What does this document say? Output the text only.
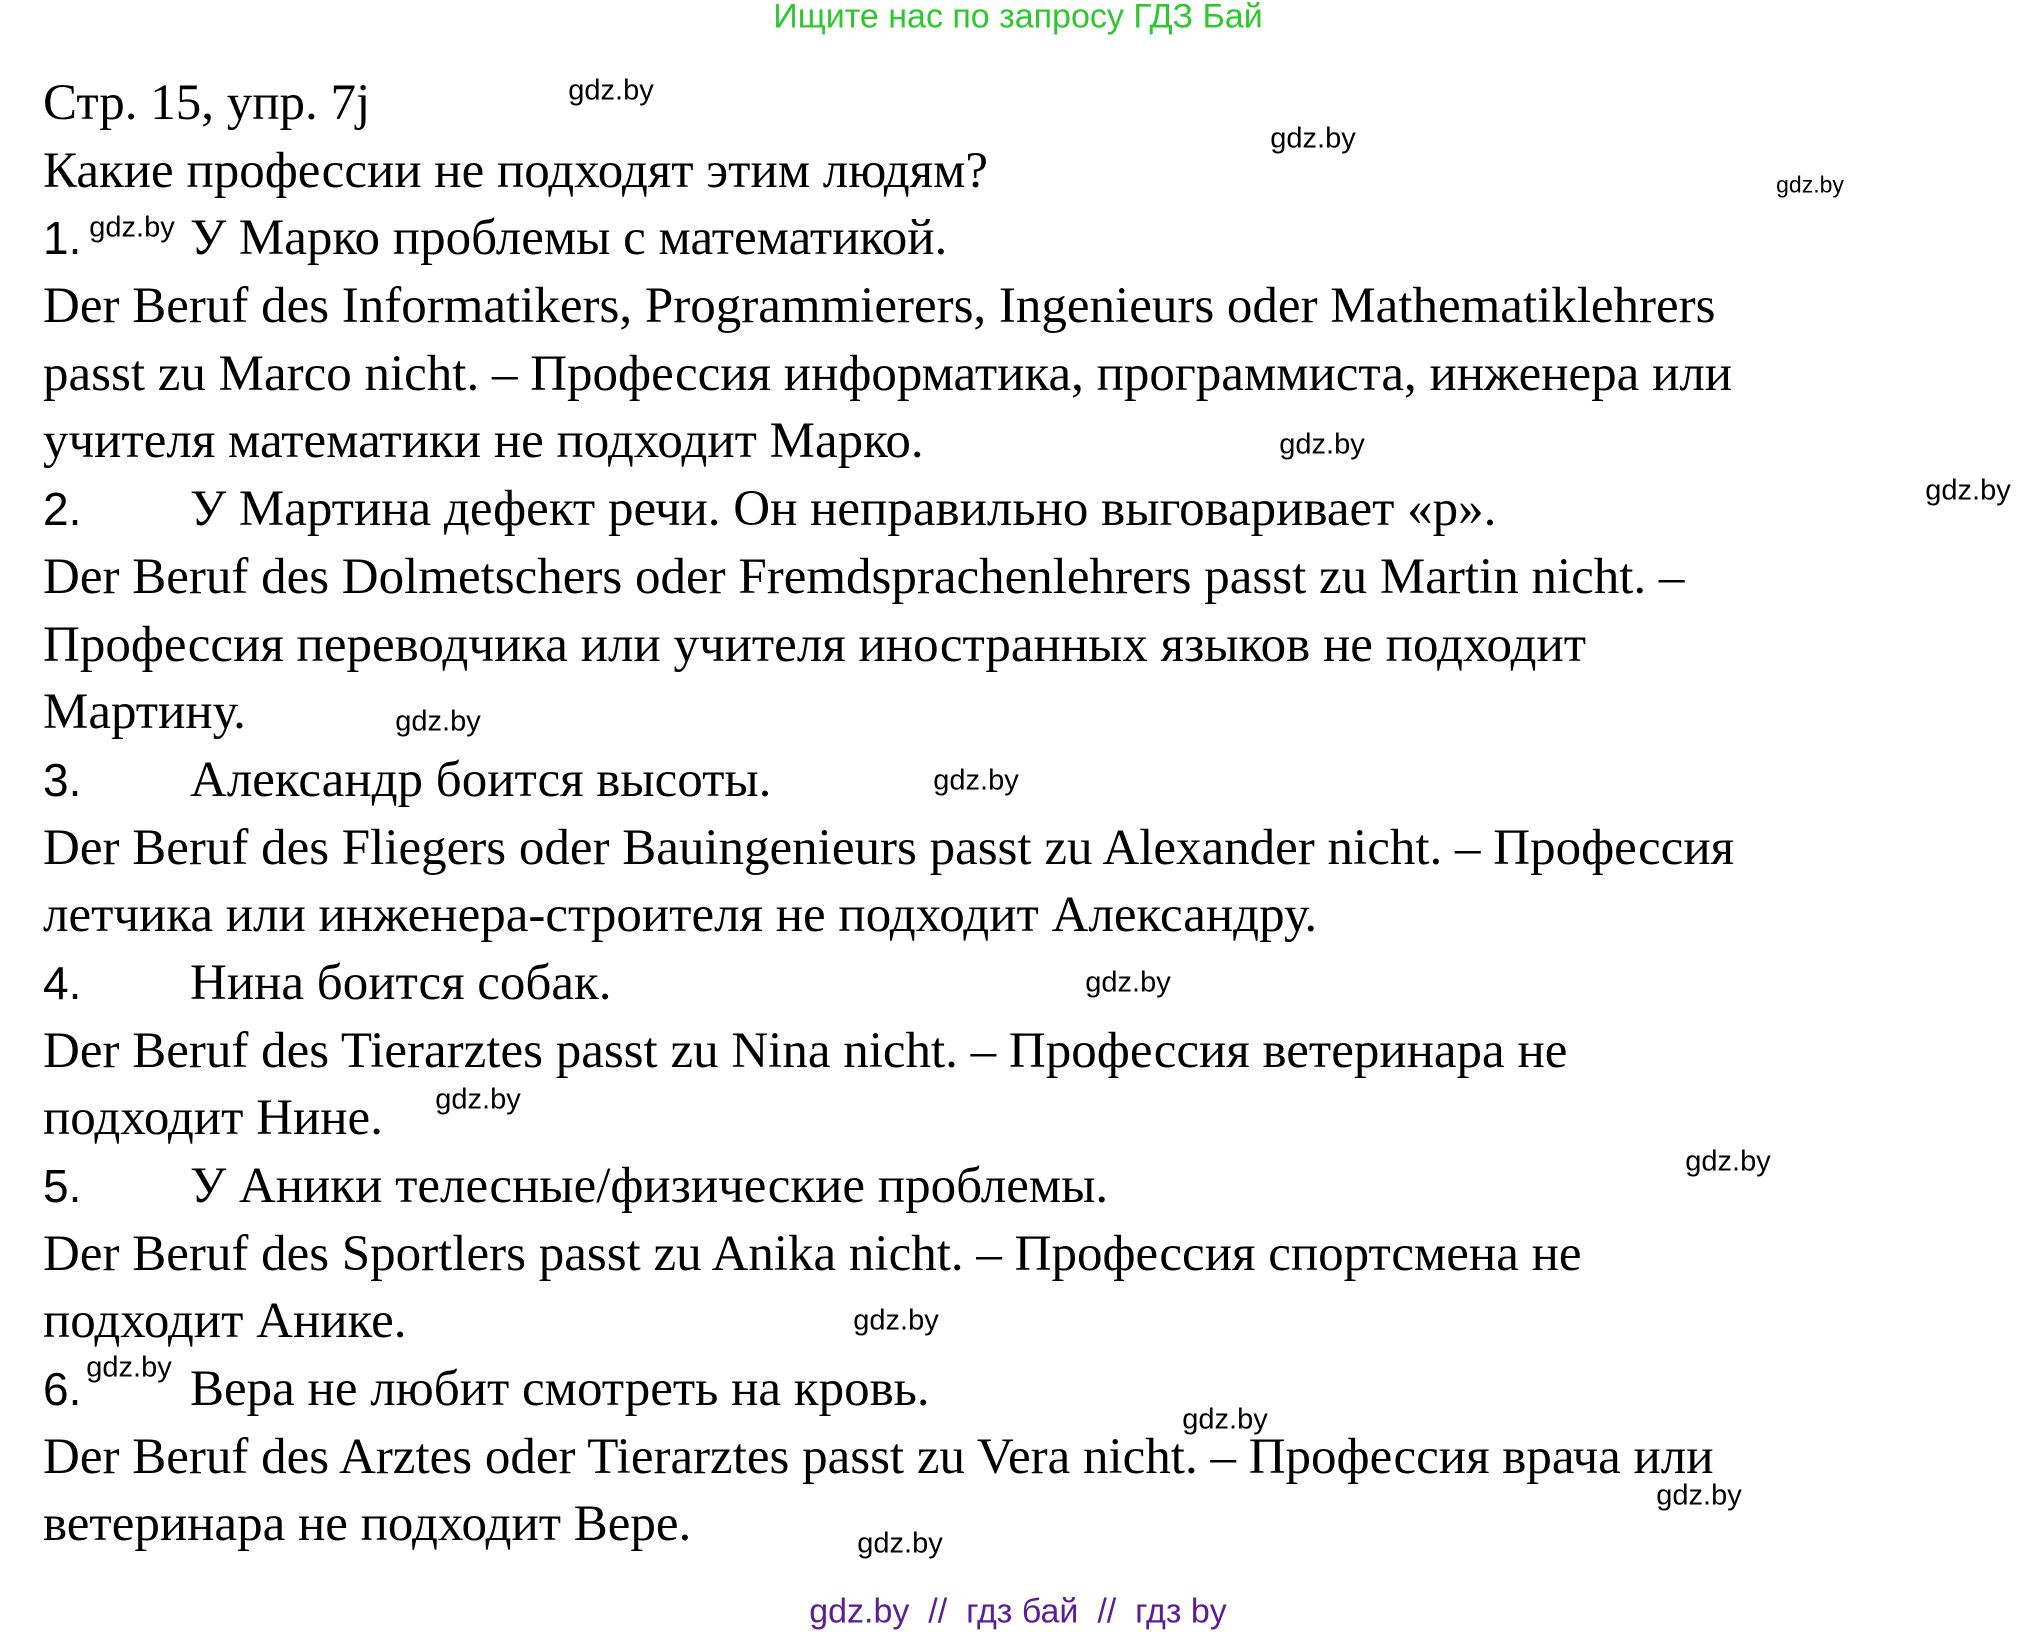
Ищите нас по запросу ГДЗ Бай
Стр. 15, упр. 7j
Какие профессии не подходят этим людям?
1. У Марко проблемы с математикой.
Der Beruf des Informatikers, Programmierers, Ingenieurs oder Mathematiklehrers
passt zu Marco nicht. – Профессия информатика, программиста, инженера или
учителя математики не подходит Марко.
2. У Мартина дефект речи. Он неправильно выговаривает «р».
Der Beruf des Dolmetschers oder Fremdsprachenlehrers passt zu Martin nicht. –
Профессия переводчика или учителя иностранных языков не подходит
Мартину.
3. Александр боится высоты.
Der Beruf des Fliegers oder Bauingenieurs passt zu Alexander nicht. – Профессия
летчика или инженера-строителя не подходит Александру.
4. Нина боится собак.
Der Beruf des Tierarztes passt zu Nina nicht. – Профессия ветеринара не
подходит Нине.
5. У Аники телесные/физические проблемы.
Der Beruf des Sportlers passt zu Anika nicht. – Профессия спортсмена не
подходит Анике.
6. Вера не любит смотреть на кровь.
Der Beruf des Arztes oder Tierarztes passt zu Vera nicht. – Профессия врача или
ветеринара не подходит Вере.
gdz.by
gdz.by
gdz.by
gdz.by
gdz.by
gdz.by
gdz.by
gdz.by
gdz.by
gdz.by
gdz.by
gdz.by
gdz.by
gdz.by
gdz.by
gdz.by
gdz.by  //  гдз бай  //  гдз by
